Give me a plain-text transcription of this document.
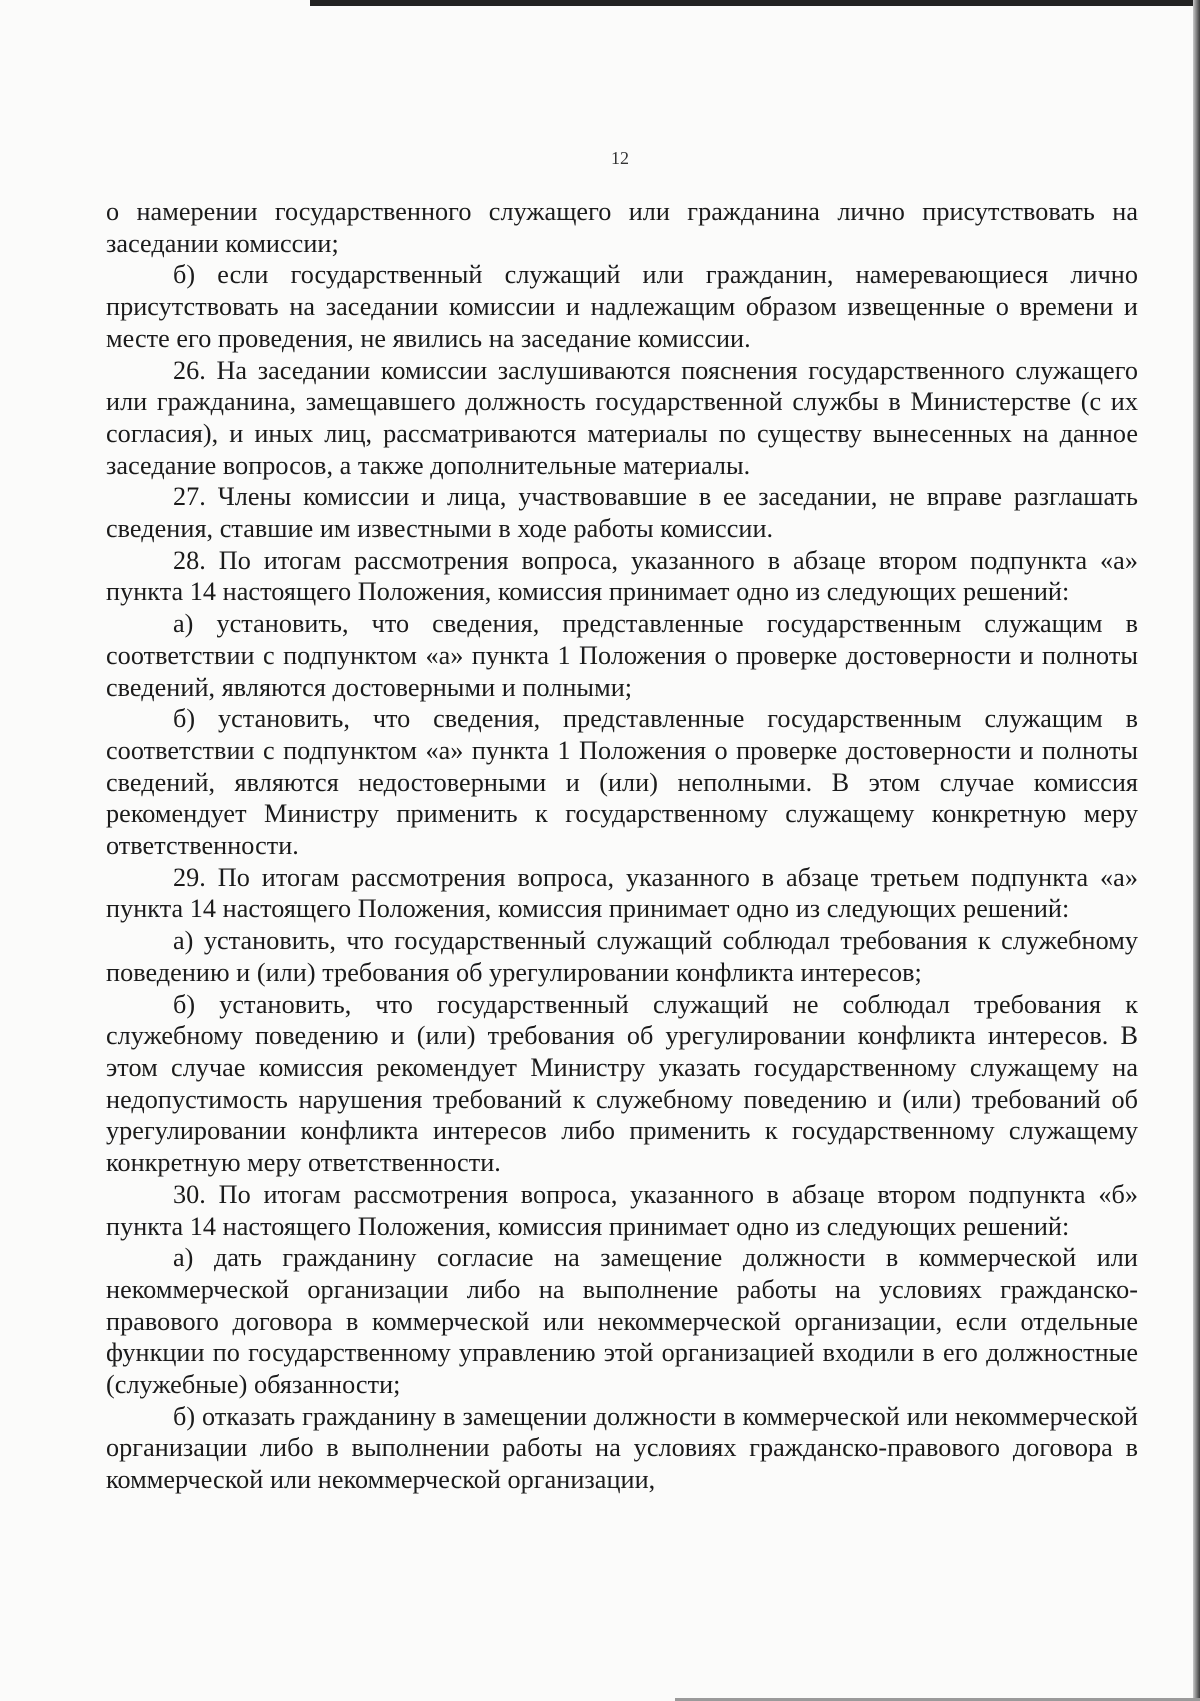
12

о намерении государственного служащего или гражданина лично присутствовать на заседании комиссии;

б) если государственный служащий или гражданин, намеревающиеся лично присутствовать на заседании комиссии и надлежащим образом извещенные о времени и месте его проведения, не явились на заседание комиссии.

26. На заседании комиссии заслушиваются пояснения государственного служащего или гражданина, замещавшего должность государственной службы в Министерстве (с их согласия), и иных лиц, рассматриваются материалы по существу вынесенных на данное заседание вопросов, а также дополнительные материалы.

27. Члены комиссии и лица, участвовавшие в ее заседании, не вправе разглашать сведения, ставшие им известными в ходе работы комиссии.

28. По итогам рассмотрения вопроса, указанного в абзаце втором подпункта «а» пункта 14 настоящего Положения, комиссия принимает одно из следующих решений:

а) установить, что сведения, представленные государственным служащим в соответствии с подпунктом «а» пункта 1 Положения о проверке достоверности и полноты сведений, являются достоверными и полными;

б) установить, что сведения, представленные государственным служащим в соответствии с подпунктом «а» пункта 1 Положения о проверке достоверности и полноты сведений, являются недостоверными и (или) неполными. В этом случае комиссия рекомендует Министру применить к государственному служащему конкретную меру ответственности.

29. По итогам рассмотрения вопроса, указанного в абзаце третьем подпункта «а» пункта 14 настоящего Положения, комиссия принимает одно из следующих решений:

а) установить, что государственный служащий соблюдал требования к служебному поведению и (или) требования об урегулировании конфликта интересов;

б) установить, что государственный служащий не соблюдал требования к служебному поведению и (или) требования об урегулировании конфликта интересов. В этом случае комиссия рекомендует Министру указать государственному служащему на недопустимость нарушения требований к служебному поведению и (или) требований об урегулировании конфликта интересов либо применить к государственному служащему конкретную меру ответственности.

30. По итогам рассмотрения вопроса, указанного в абзаце втором подпункта «б» пункта 14 настоящего Положения, комиссия принимает одно из следующих решений:

а) дать гражданину согласие на замещение должности в коммерческой или некоммерческой организации либо на выполнение работы на условиях гражданско-правового договора в коммерческой или некоммерческой организации, если отдельные функции по государственному управлению этой организацией входили в его должностные (служебные) обязанности;

б) отказать гражданину в замещении должности в коммерческой или некоммерческой организации либо в выполнении работы на условиях гражданско-правового договора в коммерческой или некоммерческой организации,
